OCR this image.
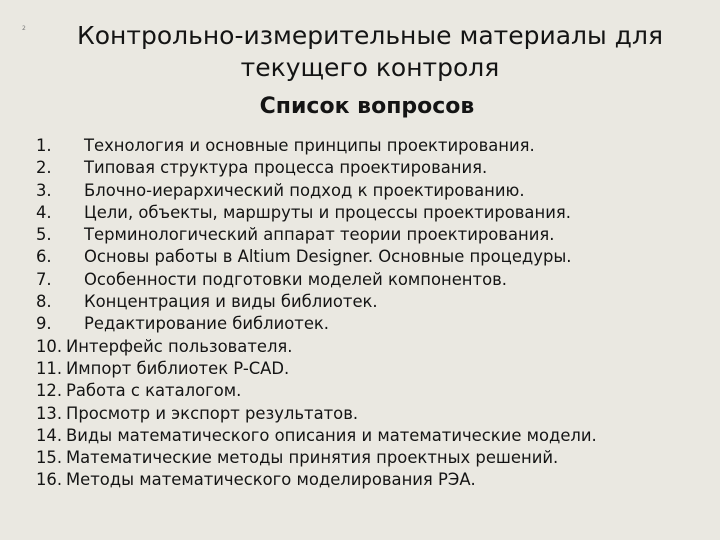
2	Контрольно-измерительные материалы для текущего контроля
Список вопросов
1.	Технология и основные принципы проектирования.
2.	Типовая структура процесса проектирования.
3.	Блочно-иерархический подход к проектированию.
4.	Цели, объекты, маршруты и процессы проектирования.
5.	Терминологический аппарат теории проектирования.
6.	Основы работы в Altium Designer. Основные процедуры.
7.	Особенности подготовки моделей компонентов.
8.	Концентрация и виды библиотек.
9.	Редактирование библиотек.
10. Интерфейс пользователя.
11. Импорт библиотек P-CAD.
12. Работа с каталогом.
13. Просмотр и экспорт результатов.
14. Виды математического описания и математические модели.
15. Математические методы принятия проектных решений.
16. Методы математического моделирования РЭА.
